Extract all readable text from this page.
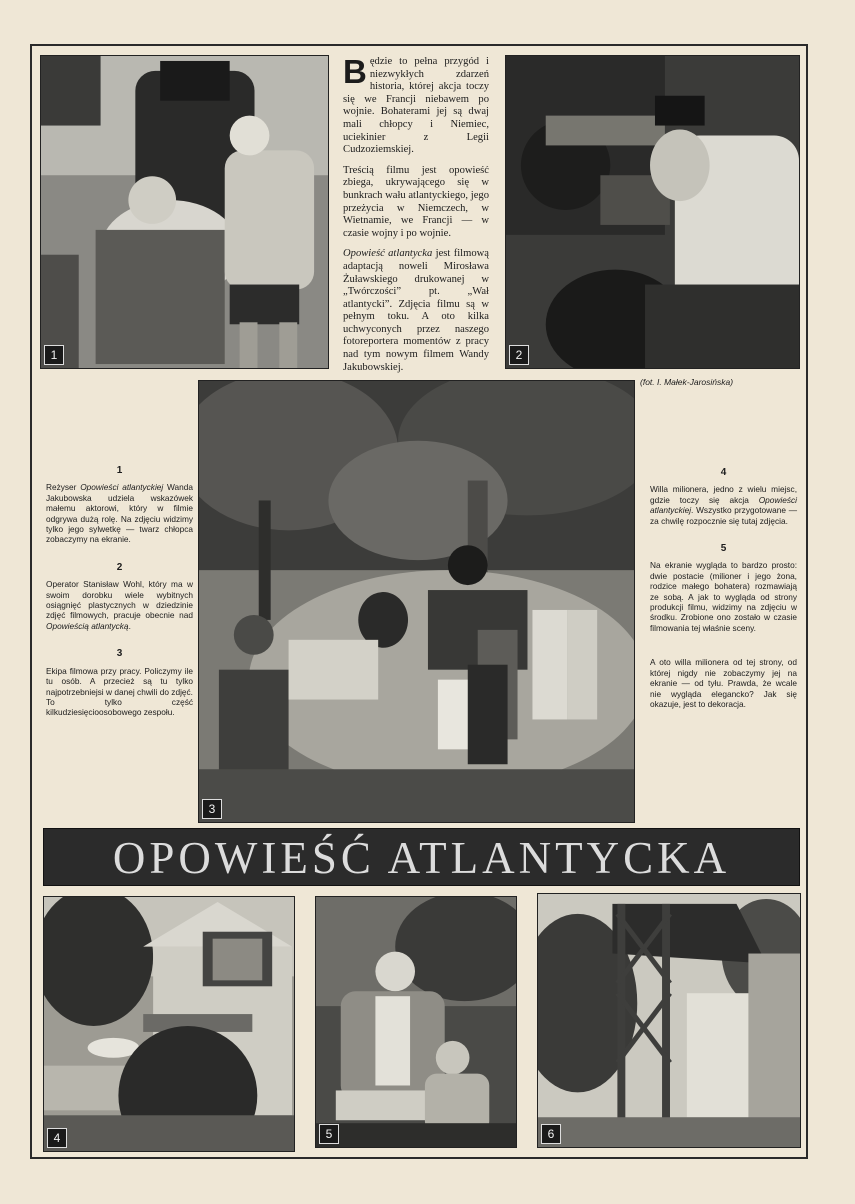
1

Będzie to pełna przygód i niezwykłych zdarzeń historia, której akcja toczy się we Francji niebawem po wojnie. Bohaterami jej są dwaj mali chłopcy i Niemiec, uciekinier z Legii Cudzoziemskiej.

Treścią filmu jest opowieść zbiega, ukrywającego się w bunkrach wału atlantyckiego, jego przeżycia w Niemczech, w Wietnamie, we Francji — w czasie wojny i po wojnie.

Opowieść atlantycka jest filmową adaptacją noweli Mirosława Żuławskiego drukowanej w „Twórczości” pt. „Wał atlantycki”. Zdjęcia filmu są w pełnym toku. A oto kilka uchwyconych przez naszego fotoreportera momentów z pracy nad tym nowym filmem Wandy Jakubowskiej.

2
(fot. I. Małek-Jarosińska)
1

Reżyser Opowieści atlantyckiej Wanda Jakubowska udziela wskazówek małemu aktorowi, który w filmie odgrywa dużą rolę. Na zdjęciu widzimy tylko jego sylwetkę — twarz chłopca zobaczymy na ekranie.

2

Operator Stanisław Wohl, który ma w swoim dorobku wiele wybitnych osiągnięć plastycznych w dziedzinie zdjęć filmowych, pracuje obecnie nad Opowieścią atlantycką.

3

Ekipa filmowa przy pracy. Policzymy ile tu osób. A przecież są tu tylko najpotrzebniejsi w danej chwili do zdjęć. To tylko część kilkudziesięcioosobowego zespołu.

3
4

Willa milionera, jedno z wielu miejsc, gdzie toczy się akcja Opowieści atlantyckiej. Wszystko przygotowane — za chwilę rozpocznie się tutaj zdjęcia.

5

Na ekranie wygląda to bardzo prosto: dwie postacie (milioner i jego żona, rodzice małego bohatera) rozmawiają ze sobą. A jak to wygląda od strony produkcji filmu, widzimy na zdjęciu w środku. Zrobione ono zostało w czasie filmowania tej właśnie sceny.

A oto willa milionera od tej strony, od której nigdy nie zobaczymy jej na ekranie — od tyłu. Prawda, że wcale nie wygląda elegancko? Jak się okazuje, jest to dekoracja.

OPOWIEŚĆ ATLANTYCKA
4	5	6
